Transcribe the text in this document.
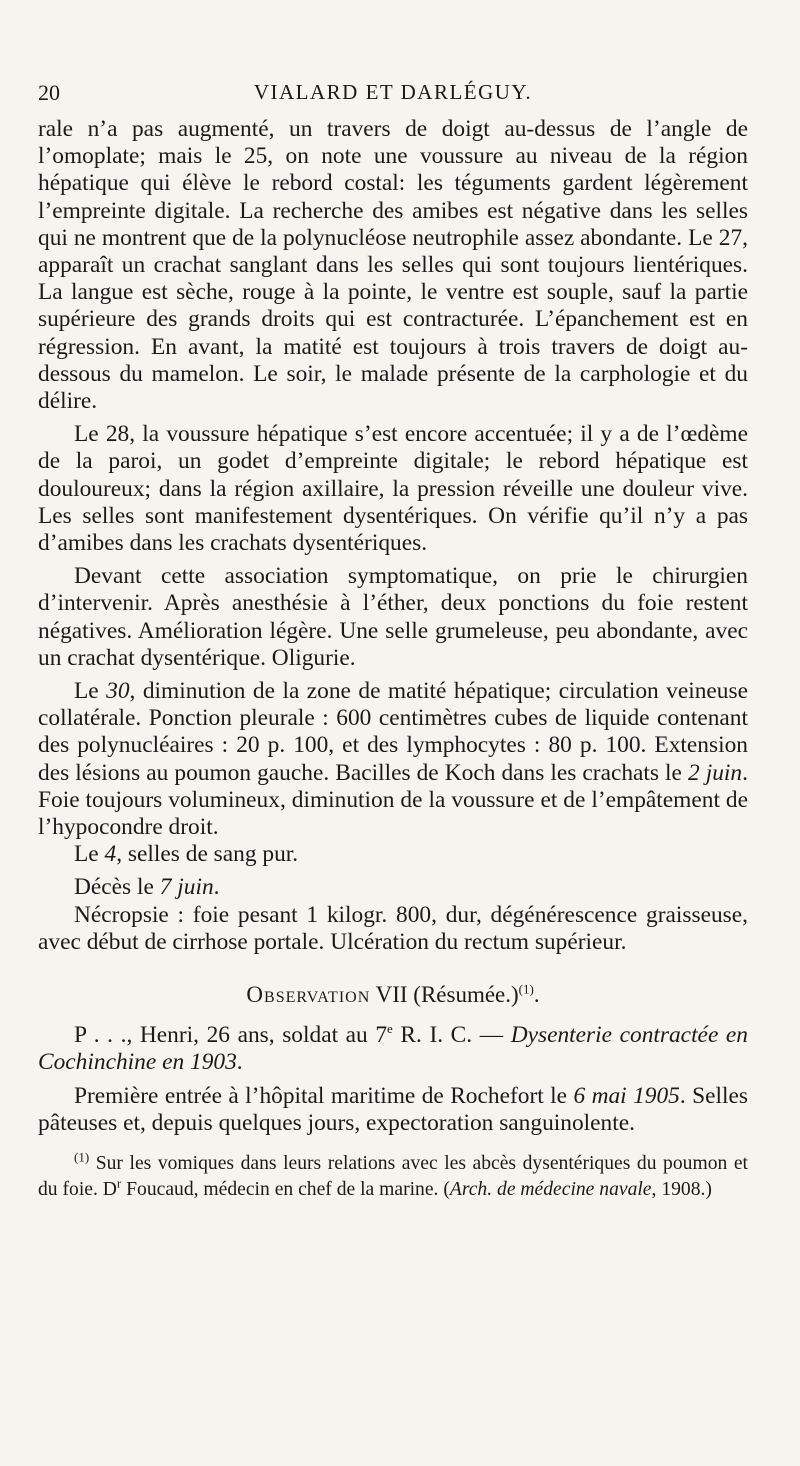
20	VIALARD ET DARLÉGUY.

rale n’a pas augmenté, un travers de doigt au-dessus de l’angle de l’omoplate; mais le 25, on note une voussure au niveau de la région hépatique qui élève le rebord costal: les téguments gardent légèrement l’empreinte digitale. La recherche des amibes est négative dans les selles qui ne montrent que de la polynucléose neutrophile assez abondante. Le 27, apparaît un crachat sanglant dans les selles qui sont toujours lientériques. La langue est sèche, rouge à la pointe, le ventre est souple, sauf la partie supérieure des grands droits qui est contracturée. L’épanchement est en régression. En avant, la matité est toujours à trois travers de doigt au-dessous du mamelon. Le soir, le malade présente de la carphologie et du délire.

Le 28, la voussure hépatique s’est encore accentuée; il y a de l’œdème de la paroi, un godet d’empreinte digitale; le rebord hépatique est douloureux; dans la région axillaire, la pression réveille une douleur vive. Les selles sont manifestement dysentériques. On vérifie qu’il n’y a pas d’amibes dans les crachats dysentériques.

Devant cette association symptomatique, on prie le chirurgien d’intervenir. Après anesthésie à l’éther, deux ponctions du foie restent négatives. Amélioration légère. Une selle grumeleuse, peu abondante, avec un crachat dysentérique. Oligurie.

Le 30, diminution de la zone de matité hépatique; circulation veineuse collatérale. Ponction pleurale : 600 centimètres cubes de liquide contenant des polynucléaires : 20 p. 100, et des lymphocytes : 80 p. 100. Extension des lésions au poumon gauche. Bacilles de Koch dans les crachats le 2 juin. Foie toujours volumineux, diminution de la voussure et de l’empâtement de l’hypocondre droit.

Le 4, selles de sang pur.

Décès le 7 juin.

Nécropsie : foie pesant 1 kilogr. 800, dur, dégénérescence graisseuse, avec début de cirrhose portale. Ulcération du rectum supérieur.

Observation VII (Résumée.)$^{(1)}$.

P . . ., Henri, 26 ans, soldat au 7e R. I. C. — Dysenterie contractée en Cochinchine en 1903.

Première entrée à l’hôpital maritime de Rochefort le 6 mai 1905. Selles pâteuses et, depuis quelques jours, expectoration sanguinolente.

$^{(1)}$ Sur les vomiques dans leurs relations avec les abcès dysentériques du poumon et du foie. $D^r$ Foucaud, médecin en chef de la marine. (Arch. de médecine navale, 1908.)
